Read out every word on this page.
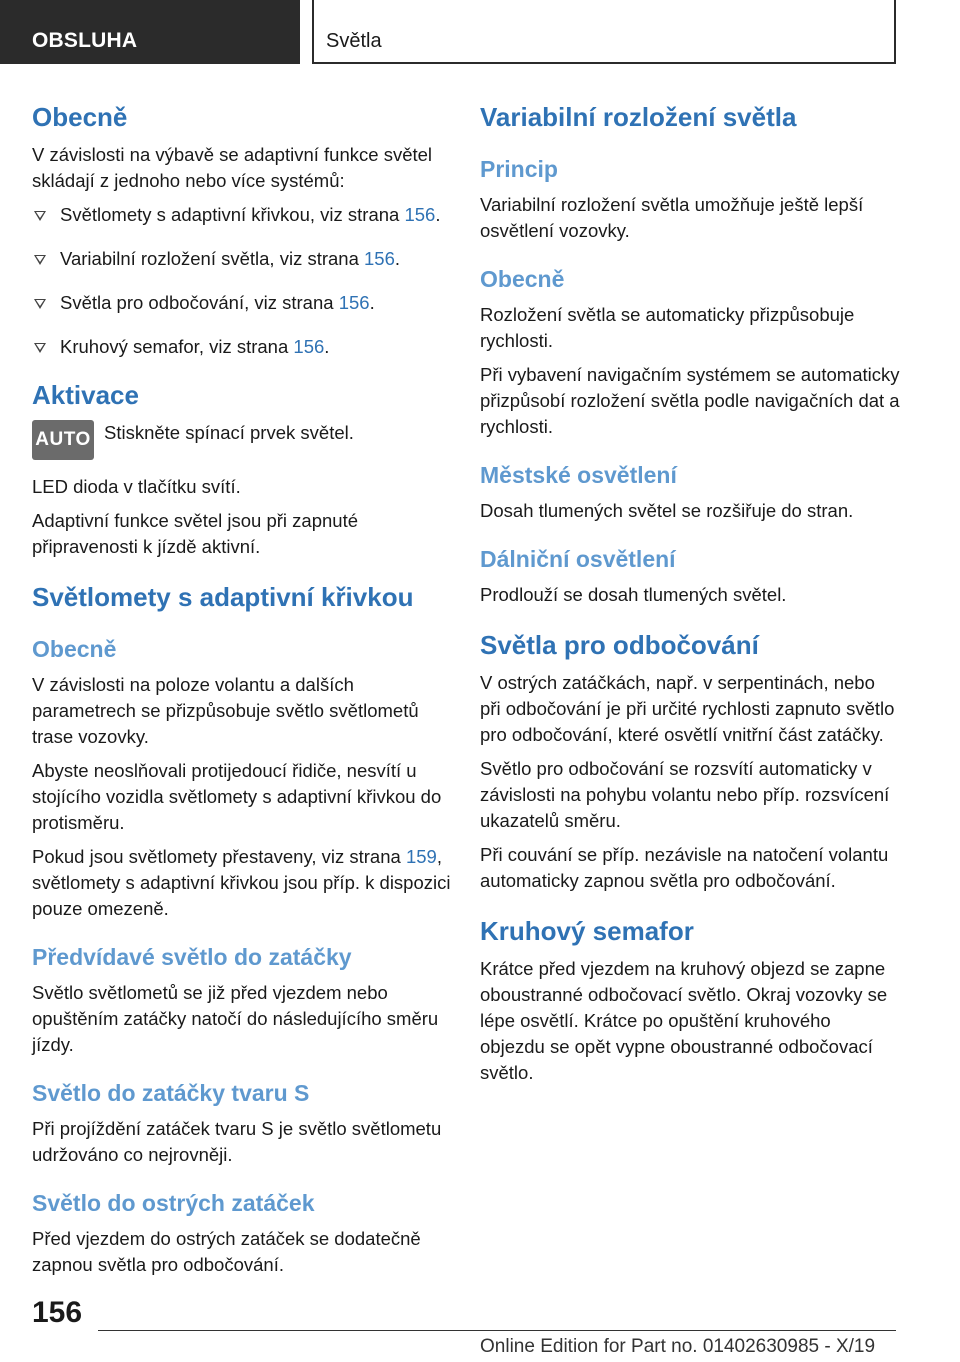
OBSLUHA	Světla
Obecně

V závislosti na výbavě se adaptivní funkce světel skládají z jednoho nebo více systémů:

Světlomety s adaptivní křivkou, viz strana 156.
Variabilní rozložení světla, viz strana 156.
Světla pro odbočování, viz strana 156.
Kruhový semafor, viz strana 156.
Aktivace
AUTO Stiskněte spínací prvek světel.

LED dioda v tlačítku svítí.

Adaptivní funkce světel jsou při zapnuté připravenosti k jízdě aktivní.

Světlomety s adaptivní křivkou
Obecně

V závislosti na poloze volantu a dalších parametrech se přizpůsobuje světlo světlometů trase vozovky.

Abyste neoslňovali protijedoucí řidiče, nesvítí u stojícího vozidla světlomety s adaptivní křivkou do protisměru.

Pokud jsou světlomety přestaveny, viz strana 159, světlomety s adaptivní křivkou jsou příp. k dispozici pouze omezeně.

Předvídavé světlo do zatáčky

Světlo světlometů se již před vjezdem nebo opuštěním zatáčky natočí do následujícího směru jízdy.

Světlo do zatáčky tvaru S

Při projíždění zatáček tvaru S je světlo světlometu udržováno co nejrovněji.

Světlo do ostrých zatáček

Před vjezdem do ostrých zatáček se dodatečně zapnou světla pro odbočování.

Variabilní rozložení světla
Princip

Variabilní rozložení světla umožňuje ještě lepší osvětlení vozovky.

Obecně

Rozložení světla se automaticky přizpůsobuje rychlosti.

Při vybavení navigačním systémem se automaticky přizpůsobí rozložení světla podle navigačních dat a rychlosti.

Městské osvětlení

Dosah tlumených světel se rozšiřuje do stran.

Dálniční osvětlení

Prodlouží se dosah tlumených světel.

Světla pro odbočování

V ostrých zatáčkách, např. v serpentinách, nebo při odbočování je při určité rychlosti zapnuto světlo pro odbočování, které osvětlí vnitřní část zatáčky.

Světlo pro odbočování se rozsvítí automaticky v závislosti na pohybu volantu nebo příp. rozsvícení ukazatelů směru.

Při couvání se příp. nezávisle na natočení volantu automaticky zapnou světla pro odbočování.

Kruhový semafor

Krátce před vjezdem na kruhový objezd se zapne oboustranné odbočovací světlo. Okraj vozovky se lépe osvětlí. Krátce po opuštění kruhového objezdu se opět vypne oboustranné odbočovací světlo.

156
Online Edition for Part no. 01402630985 - X/19
